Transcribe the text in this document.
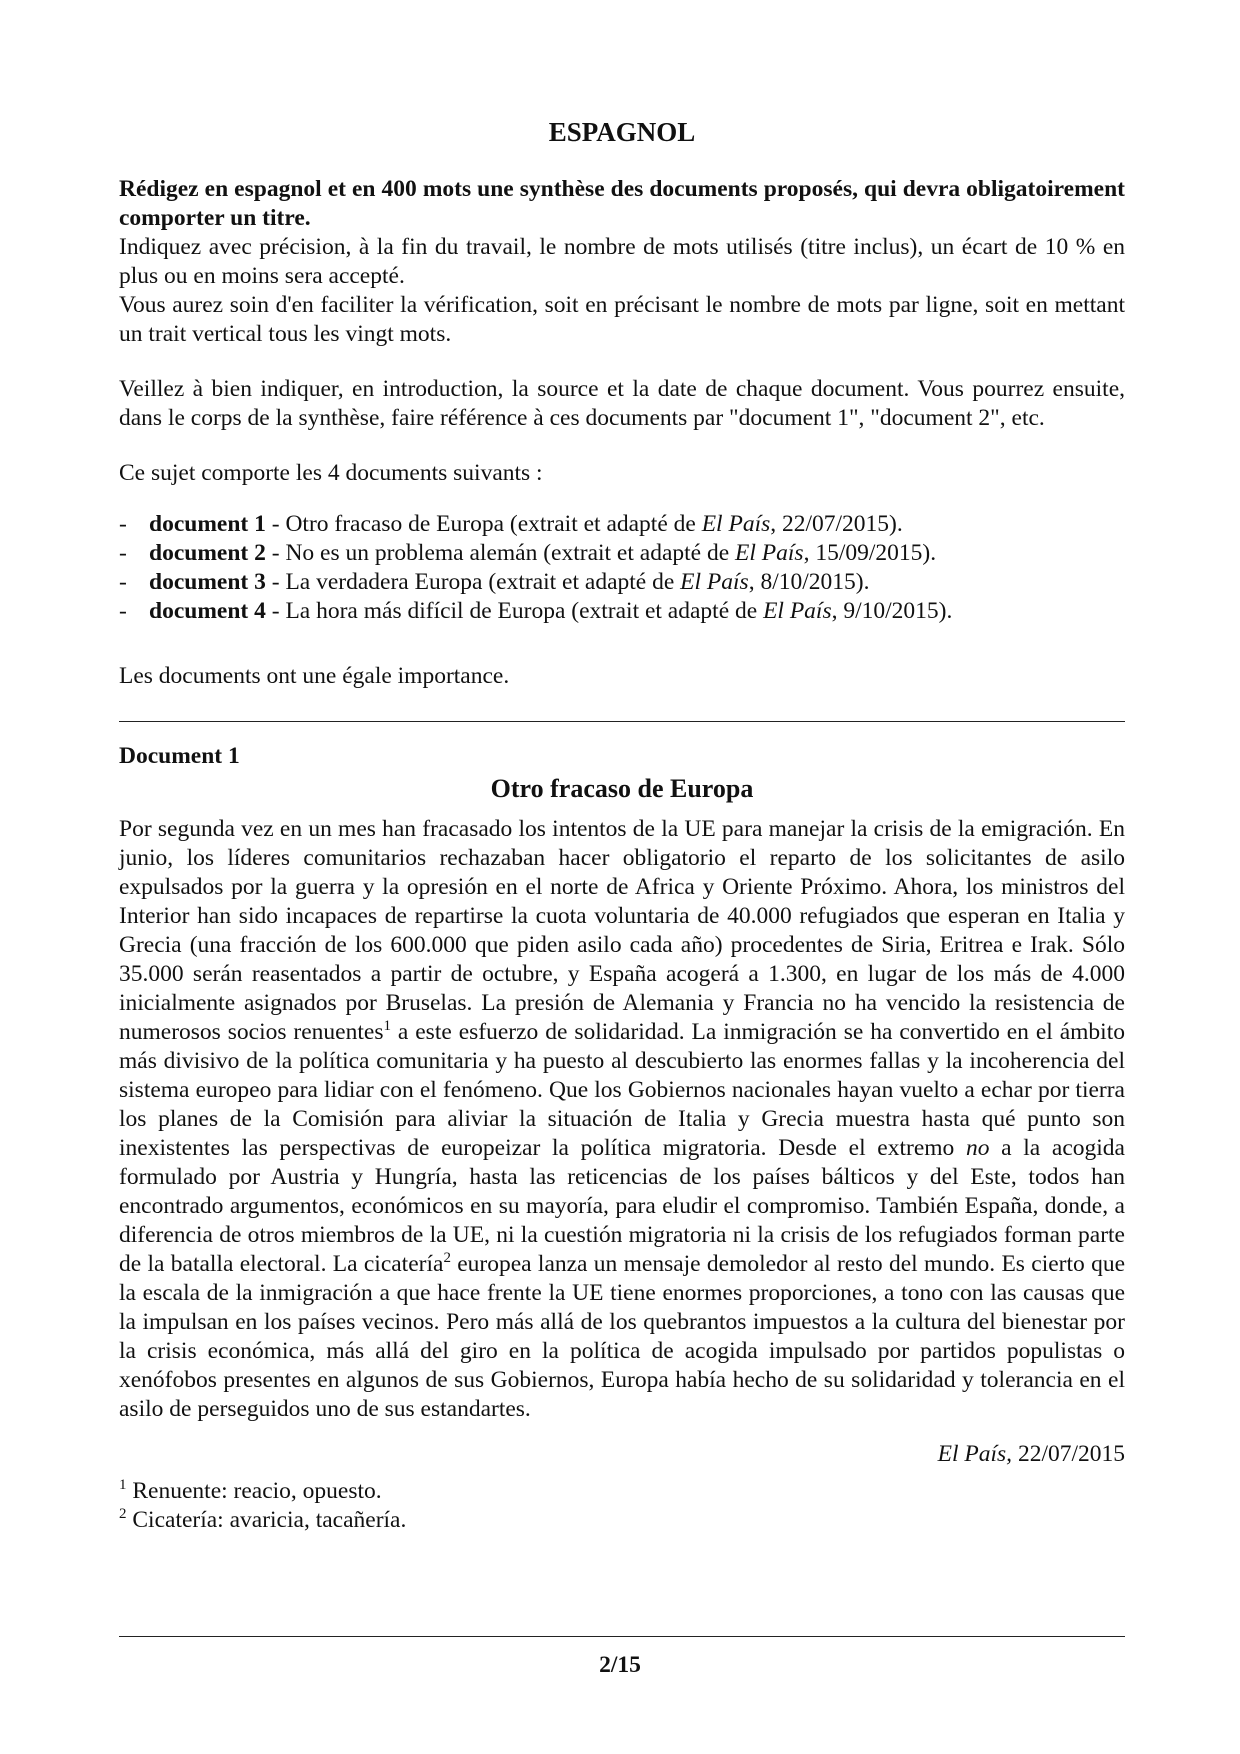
ESPAGNOL

Rédigez en espagnol et en 400 mots une synthèse des documents proposés, qui devra obligatoirement comporter un titre.

Indiquez avec précision, à la fin du travail, le nombre de mots utilisés (titre inclus), un écart de 10 % en plus ou en moins sera accepté.

Vous aurez soin d'en faciliter la vérification, soit en précisant le nombre de mots par ligne, soit en mettant un trait vertical tous les vingt mots.

Veillez à bien indiquer, en introduction, la source et la date de chaque document. Vous pourrez ensuite, dans le corps de la synthèse, faire référence à ces documents par "document 1", "document 2", etc.

Ce sujet comporte les 4 documents suivants :

- document 1 - Otro fracaso de Europa (extrait et adapté de El País, 22/07/2015).
- document 2 - No es un problema alemán (extrait et adapté de El País, 15/09/2015).
- document 3 - La verdadera Europa (extrait et adapté de El País, 8/10/2015).
- document 4 - La hora más difícil de Europa (extrait et adapté de El País, 9/10/2015).

Les documents ont une égale importance.

Document 1
Otro fracaso de Europa

Por segunda vez en un mes han fracasado los intentos de la UE para manejar la crisis de la emigración. En junio, los líderes comunitarios rechazaban hacer obligatorio el reparto de los solicitantes de asilo expulsados por la guerra y la opresión en el norte de Africa y Oriente Próximo. Ahora, los ministros del Interior han sido incapaces de repartirse la cuota voluntaria de 40.000 refugiados que esperan en Italia y Grecia (una fracción de los 600.000 que piden asilo cada año) procedentes de Siria, Eritrea e Irak. Sólo 35.000 serán reasentados a partir de octubre, y España acogerá a 1.300, en lugar de los más de 4.000 inicialmente asignados por Bruselas. La presión de Alemania y Francia no ha vencido la resistencia de numerosos socios renuentes$^1$ a este esfuerzo de solidaridad. La inmigración se ha convertido en el ámbito más divisivo de la política comunitaria y ha puesto al descubierto las enormes fallas y la incoherencia del sistema europeo para lidiar con el fenómeno. Que los Gobiernos nacionales hayan vuelto a echar por tierra los planes de la Comisión para aliviar la situación de Italia y Grecia muestra hasta qué punto son inexistentes las perspectivas de europeizar la política migratoria. Desde el extremo no a la acogida formulado por Austria y Hungría, hasta las reticencias de los países bálticos y del Este, todos han encontrado argumentos, económicos en su mayoría, para eludir el compromiso. También España, donde, a diferencia de otros miembros de la UE, ni la cuestión migratoria ni la crisis de los refugiados forman parte de la batalla electoral. La cicatería$^2$ europea lanza un mensaje demoledor al resto del mundo. Es cierto que la escala de la inmigración a que hace frente la UE tiene enormes proporciones, a tono con las causas que la impulsan en los países vecinos. Pero más allá de los quebrantos impuestos a la cultura del bienestar por la crisis económica, más allá del giro en la política de acogida impulsado por partidos populistas o xenófobos presentes en algunos de sus Gobiernos, Europa había hecho de su solidaridad y tolerancia en el asilo de perseguidos uno de sus estandartes.

El País, 22/07/2015
$^1$ Renuente: reacio, opuesto.
$^2$ Cicatería: avaricia, tacañería.
2/15
